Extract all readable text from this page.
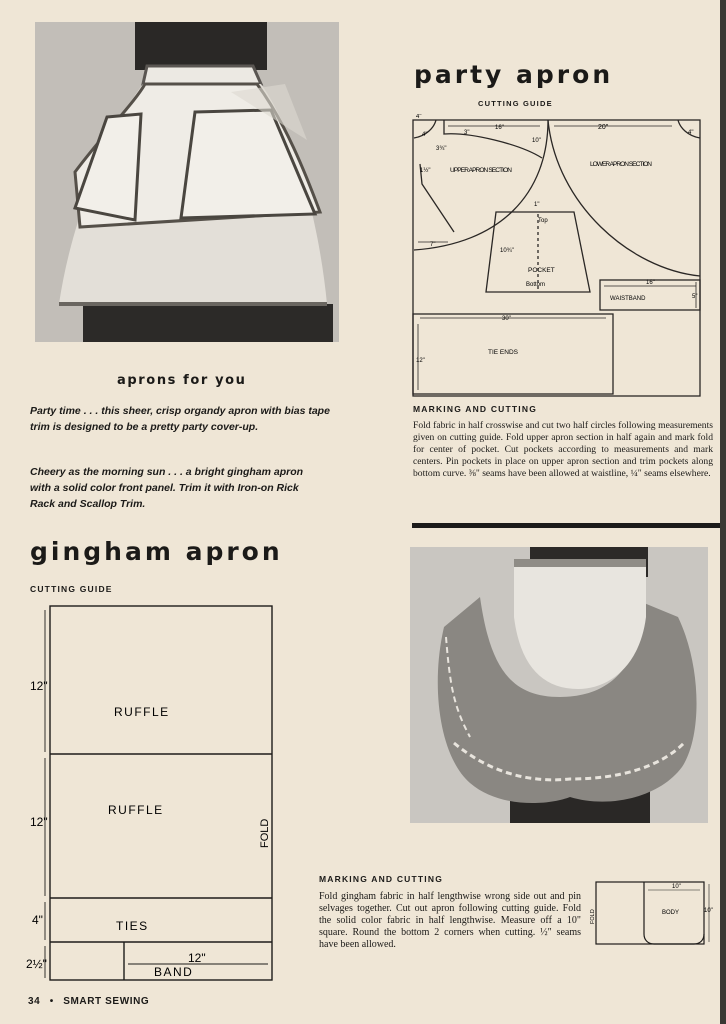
party apron
CUTTING GUIDE
4"
4"	3"
3¾"
16"
10"
20"
4"
1½"	UPPER APRON SECTION
LOWER APRON SECTION
1"
Top
10¾"
POCKET
Bottom
7"
16"
WAISTBAND	5"
30"
12"
TIE ENDS
MARKING AND CUTTING
Fold fabric in half crosswise and cut two half circles following measurements given on cutting guide. Fold upper apron section in half again and mark fold for center of pocket. Cut pockets according to measurements and mark centers. Pin pockets in place on upper apron section and trim pockets along bottom curve. ⅜" seams have been allowed at waistline, ¼" seams elsewhere.
aprons for you
Party time . . . this sheer, crisp organdy apron with bias tape trim is designed to be a pretty party cover-up.
Cheery as the morning sun . . . a bright gingham apron with a solid color front panel. Trim it with Iron-on Rick Rack and Scallop Trim.
gingham apron
CUTTING GUIDE
12"
RUFFLE
12"
RUFFLE
FOLD
4"	TIES
2½"	12"
BAND
MARKING AND CUTTING
Fold gingham fabric in half lengthwise wrong side out and pin selvages together. Cut out apron following cutting guide. Fold the solid color fabric in half lengthwise. Measure off a 10" square. Round the bottom 2 corners when cutting. ½" seams have been allowed.
FOLD
10"
BODY	10"
34 • SMART SEWING
